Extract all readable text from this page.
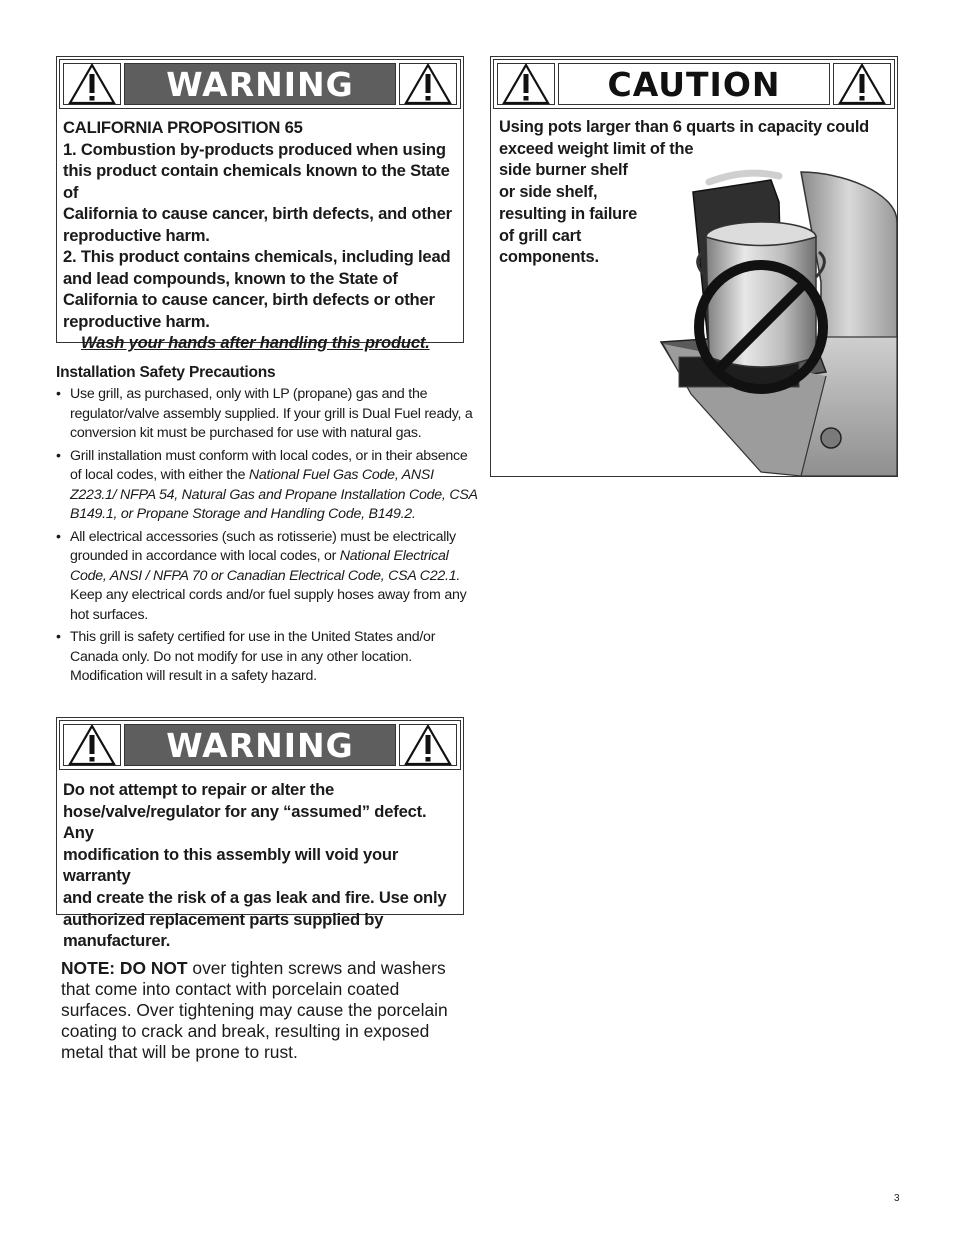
WARNING

CALIFORNIA PROPOSITION 65

1. Combustion by-products produced when using

this product contain chemicals known to the State of

California to cause cancer, birth defects, and other

reproductive harm.

2. This product contains chemicals, including lead

and lead compounds, known to the State of

California to cause cancer, birth defects or other

reproductive harm.

Wash your hands after handling this product.

CAUTION

Using pots larger than 6 quarts in capacity could

exceed weight limit of the

side burner shelf

or side shelf,

resulting in failure

of grill cart

components.

Installation Safety Precautions
• Use grill, as purchased, only with LP (propane) gas and the regulator/valve assembly supplied. If your grill is Dual Fuel ready, a conversion kit must be purchased for use with natural gas.
• Grill installation must conform with local codes, or in their absence of local codes, with either the National Fuel Gas Code, ANSI Z223.1/ NFPA 54, Natural Gas and Propane Installation Code, CSA B149.1, or Propane Storage and Handling Code, B149.2.
• All electrical accessories (such as rotisserie) must be electrically grounded in accordance with local codes, or National Electrical Code, ANSI / NFPA 70 or Canadian Electrical Code, CSA C22.1. Keep any electrical cords and/or fuel supply hoses away from any hot surfaces.
• This grill is safety certified for use in the United States and/or Canada only. Do not modify for use in any other location. Modification will result in a safety hazard.
WARNING

Do not attempt to repair or alter the

hose/valve/regulator for any “assumed” defect. Any

modification to this assembly will void your warranty

and create the risk of a gas leak and fire. Use only

authorized replacement parts supplied by

manufacturer.

NOTE: DO NOT over tighten screws and washers that come into contact with porcelain coated surfaces. Over tightening may cause the porcelain coating to crack and break, resulting in exposed metal that will be prone to rust.
3
